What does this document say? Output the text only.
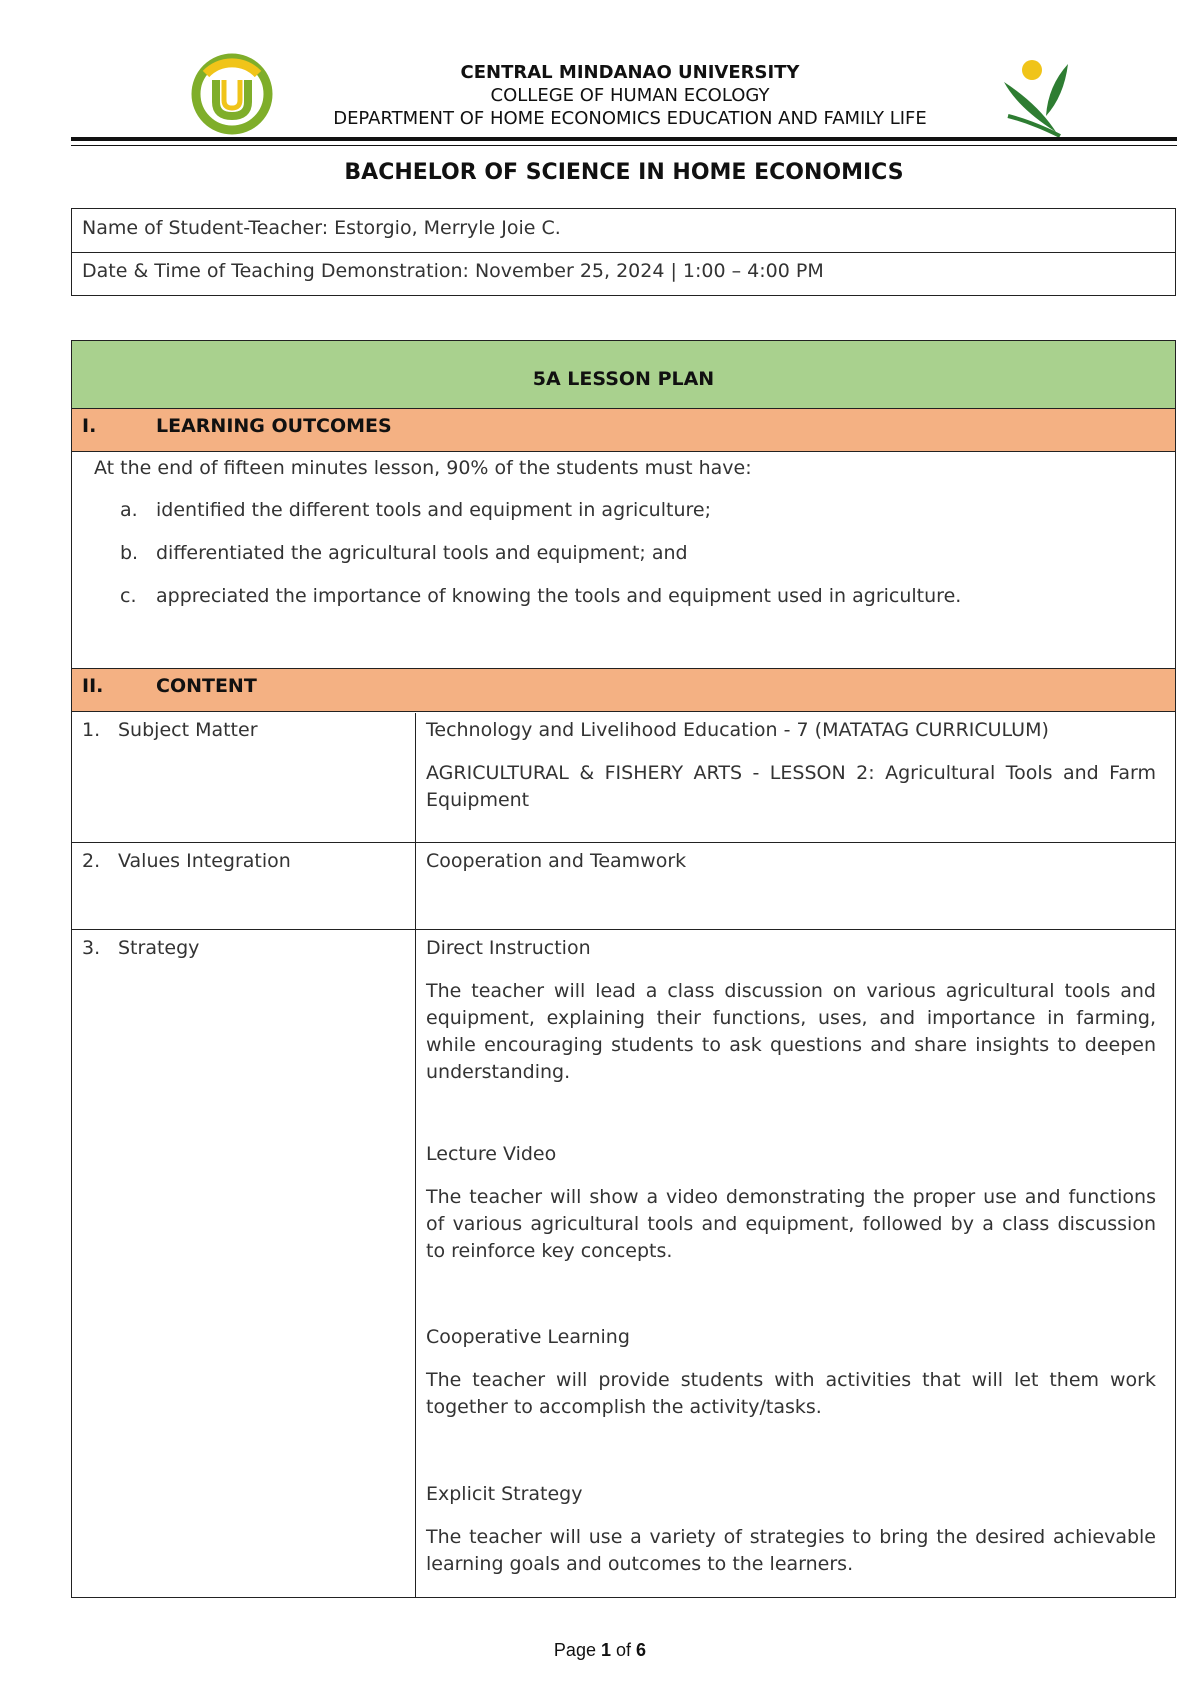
CENTRAL MINDANAO UNIVERSITY
COLLEGE OF HUMAN ECOLOGY
DEPARTMENT OF HOME ECONOMICS EDUCATION AND FAMILY LIFE
BACHELOR OF SCIENCE IN HOME ECONOMICS
Name of Student-Teacher: Estorgio, Merryle Joie C.
Date & Time of Teaching Demonstration: November 25, 2024 | 1:00 – 4:00 PM
5A LESSON PLAN
I.	LEARNING OUTCOMES
At the end of fifteen minutes lesson, 90% of the students must have:
a. identified the different tools and equipment in agriculture;
b. differentiated the agricultural tools and equipment; and
c. appreciated the importance of knowing the tools and equipment used in agriculture.
II.	CONTENT
1. Subject Matter	Technology and Livelihood Education - 7 (MATATAG CURRICULUM)
AGRICULTURAL & FISHERY ARTS - LESSON 2: Agricultural Tools and Farm Equipment
2. Values Integration	Cooperation and Teamwork
3. Strategy	Direct Instruction
The teacher will lead a class discussion on various agricultural tools and equipment, explaining their functions, uses, and importance in farming, while encouraging students to ask questions and share insights to deepen understanding.
Lecture Video
The teacher will show a video demonstrating the proper use and functions of various agricultural tools and equipment, followed by a class discussion to reinforce key concepts.
Cooperative Learning
The teacher will provide students with activities that will let them work together to accomplish the activity/tasks.
Explicit Strategy
The teacher will use a variety of strategies to bring the desired achievable learning goals and outcomes to the learners.
Page 1 of 6
